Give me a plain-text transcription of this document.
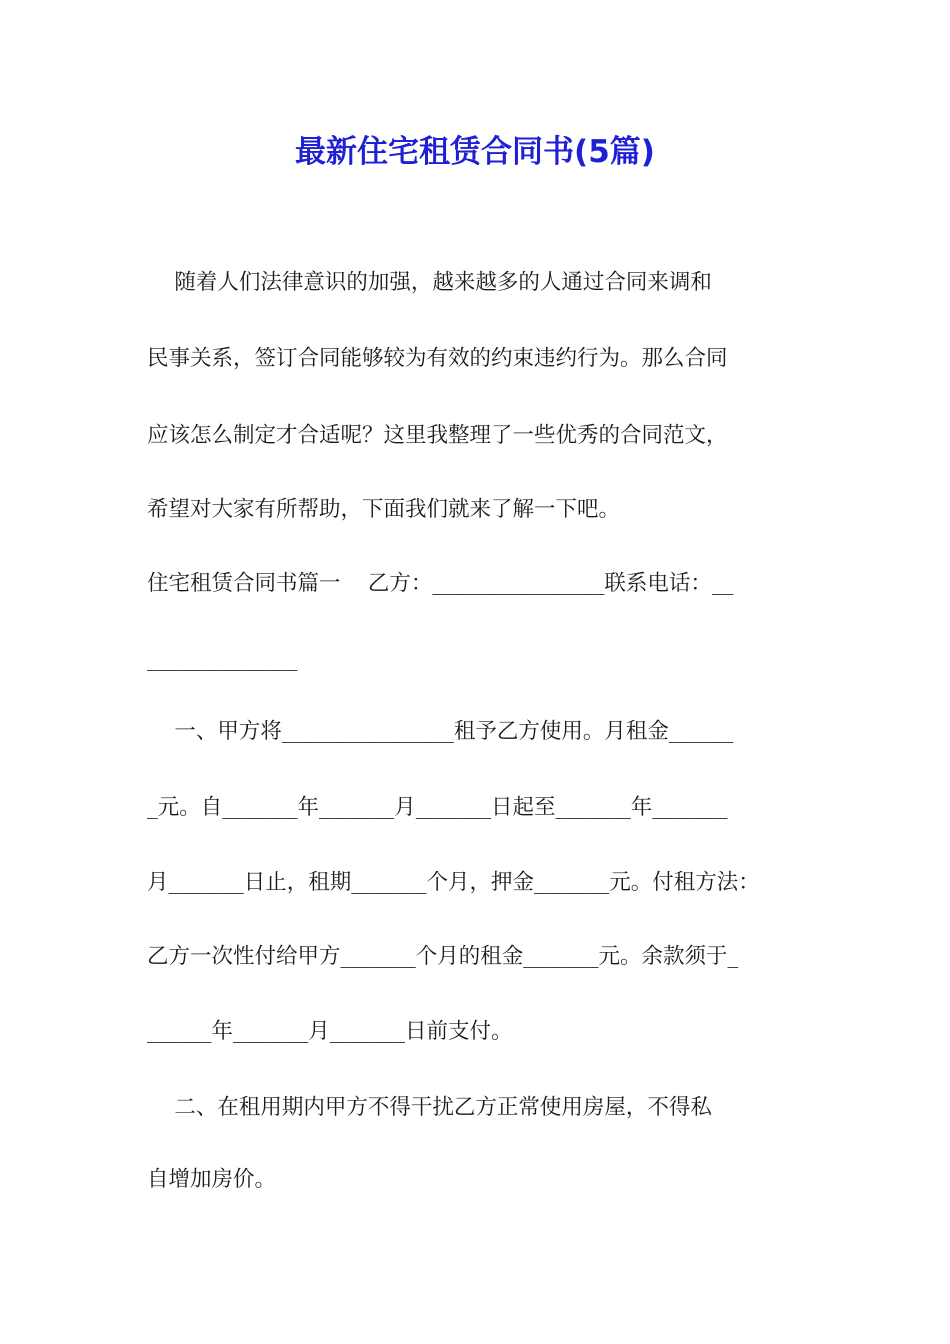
最新住宅租赁合同书(5篇)

随着人们法律意识的加强，越来越多的人通过合同来调和

民事关系，签订合同能够较为有效的约束违约行为。那么合同

应该怎么制定才合适呢？这里我整理了一些优秀的合同范文，

希望对大家有所帮助，下面我们就来了解一下吧。

住宅租赁合同书篇一    乙方：________________联系电话：__

______________

一、甲方将________________租予乙方使用。月租金______

_元。自_______年_______月_______日起至_______年_______

月_______日止，租期_______个月，押金_______元。付租方法：

乙方一次性付给甲方_______个月的租金_______元。余款须于_

______年_______月_______日前支付。

二、在租用期内甲方不得干扰乙方正常使用房屋，不得私

自增加房价。
